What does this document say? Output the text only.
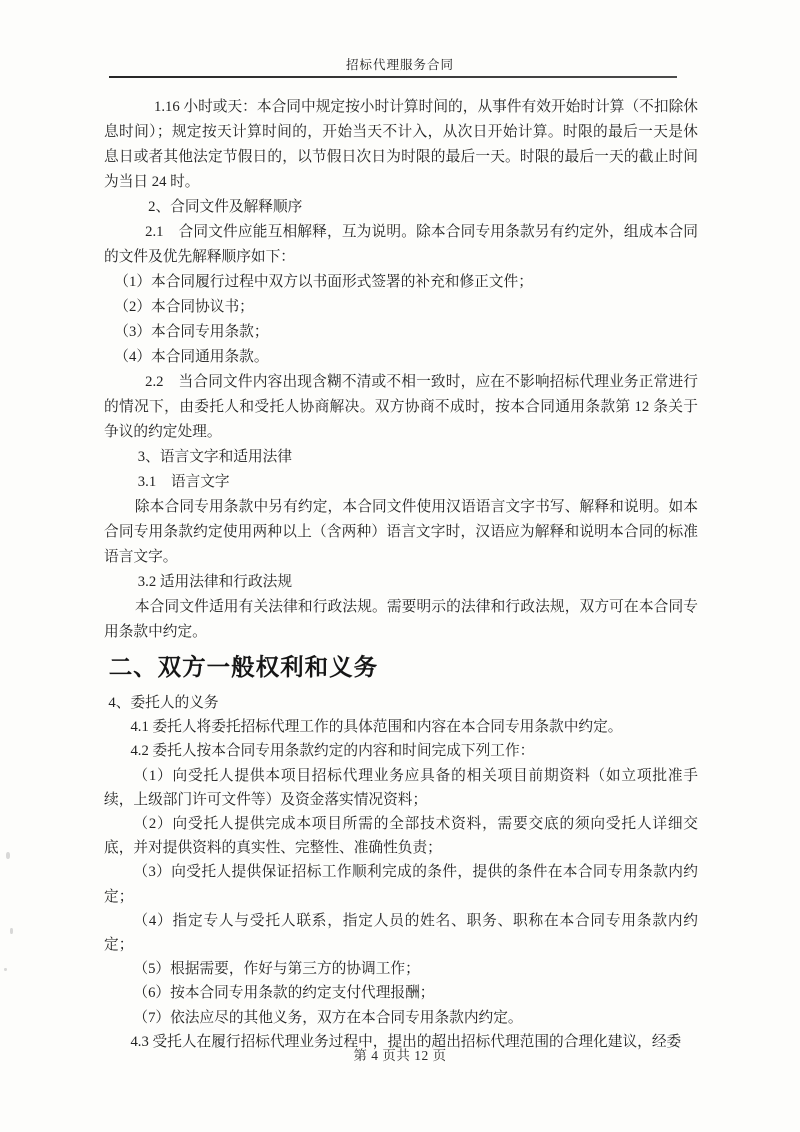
招标代理服务合同

1.16 小时或天：本合同中规定按小时计算时间的，从事件有效开始时计算（不扣除休息时间）；规定按天计算时间的，开始当天不计入，从次日开始计算。时限的最后一天是休息日或者其他法定节假日的，以节假日次日为时限的最后一天。时限的最后一天的截止时间为当日 24 时。

2、合同文件及解释顺序

2.1　合同文件应能互相解释，互为说明。除本合同专用条款另有约定外，组成本合同的文件及优先解释顺序如下：

（1）本合同履行过程中双方以书面形式签署的补充和修正文件；

（2）本合同协议书；

（3）本合同专用条款；

（4）本合同通用条款。

2.2　当合同文件内容出现含糊不清或不相一致时，应在不影响招标代理业务正常进行的情况下，由委托人和受托人协商解决。双方协商不成时，按本合同通用条款第 12 条关于争议的约定处理。

3、语言文字和适用法律

3.1　语言文字

除本合同专用条款中另有约定，本合同文件使用汉语语言文字书写、解释和说明。如本合同专用条款约定使用两种以上（含两种）语言文字时，汉语应为解释和说明本合同的标准语言文字。

3.2 适用法律和行政法规

本合同文件适用有关法律和行政法规。需要明示的法律和行政法规，双方可在本合同专用条款中约定。

二、双方一般权利和义务

4、委托人的义务

4.1 委托人将委托招标代理工作的具体范围和内容在本合同专用条款中约定。

4.2 委托人按本合同专用条款约定的内容和时间完成下列工作：

（1）向受托人提供本项目招标代理业务应具备的相关项目前期资料（如立项批准手续，上级部门许可文件等）及资金落实情况资料；

（2）向受托人提供完成本项目所需的全部技术资料，需要交底的须向受托人详细交底，并对提供资料的真实性、完整性、准确性负责；

（3）向受托人提供保证招标工作顺利完成的条件，提供的条件在本合同专用条款内约定；

（4）指定专人与受托人联系，指定人员的姓名、职务、职称在本合同专用条款内约定；

（5）根据需要，作好与第三方的协调工作；

（6）按本合同专用条款的约定支付代理报酬；

（7）依法应尽的其他义务，双方在本合同专用条款内约定。

4.3 受托人在履行招标代理业务过程中，提出的超出招标代理范围的合理化建议，经委

第 4 页共 12 页
